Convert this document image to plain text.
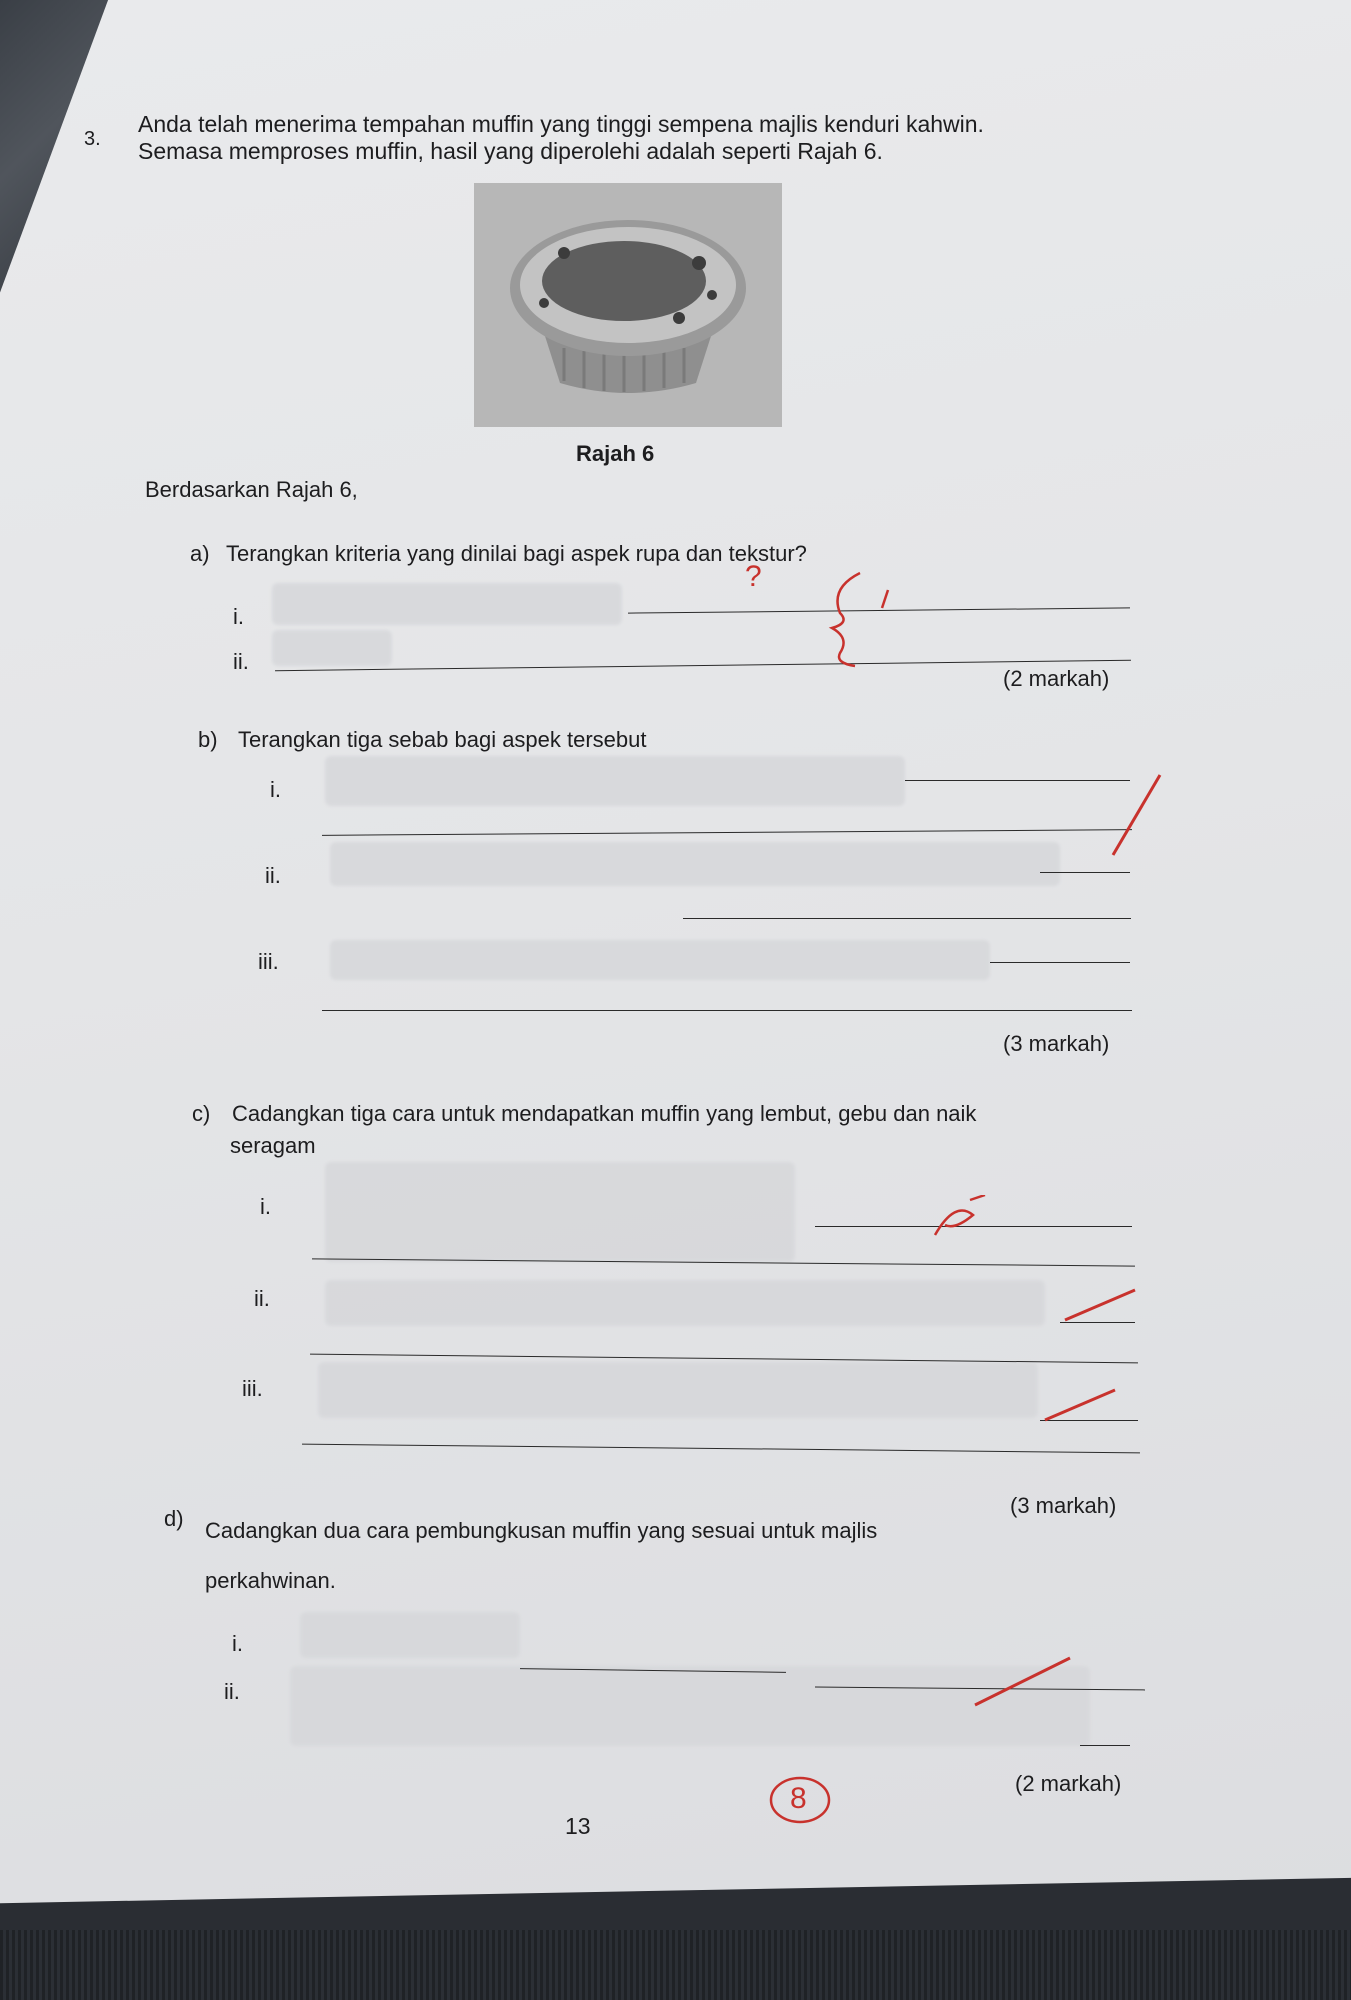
3.
Anda telah menerima tempahan muffin yang tinggi sempena majlis kenduri kahwin.
Semasa memproses muffin, hasil yang diperolehi adalah seperti Rajah 6.
Rajah 6
Berdasarkan Rajah 6,
a) Terangkan kriteria yang dinilai bagi aspek rupa dan tekstur?
i.
ii.
?
(2 markah)
b) Terangkan tiga sebab bagi aspek tersebut
i.
ii.
iii.
(3 markah)
c) Cadangkan tiga cara untuk mendapatkan muffin yang lembut, gebu dan naik
seragam
i.
ii.
iii.
(3 markah)
d) Cadangkan dua cara pembungkusan muffin yang sesuai untuk majlis
perkahwinan.
i.
ii.
(2 markah)
8
13
